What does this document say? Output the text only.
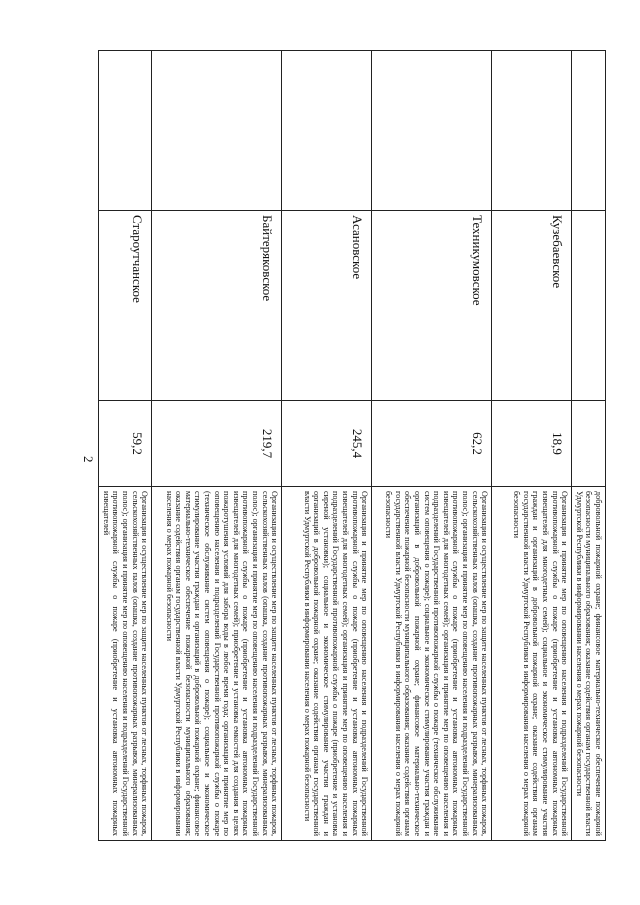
2

			добровольной пожарной охране; финансовое материально-техническое обеспечение пожарной безопасности муниципального образования; оказание содействия органам государственной власти Удмуртской Республики в информировании населения о мерах пожарной безопасности

	Кузебаевское	18,9	Организация и принятие мер по оповещению населения и подразделений Государственной противопожарной службы о пожаре (приобретение и установка автономных пожарных извещателей для многодетных семей); социальное и экономическое стимулирование участия граждан и организаций в добровольной пожарной охране; оказание содействия органам государственной власти Удмуртской Республики в информировании населения о мерах пожарной безопасности
	Техникумовское	62,2	Организация и осуществление мер по защите населенных пунктов от лесных, торфяных пожаров, сельскохозяйственных палов (опашка, создание противопожарных разрывов, минерализованных полос); организация и принятие мер по оповещению населения и подразделений Государственной противопожарной службы о пожаре (приобретение и установка автономных пожарных извещателей для многодетных семей); организация и принятие мер по оповещению населения и подразделений Государственной противопожарной службы о пожаре (техническое обслуживание систем оповещения о пожаре); социальное и экономическое стимулирование участия граждан и организаций в добровольной пожарной охране; финансовое материально-техническое обеспечение пожарной безопасности муниципального образования; оказание содействия органам государственной власти Удмуртской Республики в информировании населения о мерах пожарной безопасности
	Асановское	245,4	Организация и принятие мер по оповещению населения и подразделений Государственной противопожарной службы о пожаре (приобретение и установка автономных пожарных извещателей для многодетных семей); организация и принятие мер по оповещению населения и подразделений Государственной противопожарной службы о пожаре (приобретение и установка сиреной установки); социальное и экономическое стимулирование участия граждан и организаций в добровольной пожарной охране; оказание содействия органам государственной власти Удмуртской Республики в информировании населения о мерах пожарной безопасности
	Байтеряковское	219,7	Организация и осуществление мер по защите населенных пунктов от лесных, торфяных пожаров, сельскохозяйственных палов (опашка, создание противопожарных разрывов, минерализованных полос); организация и принятие мер по оповещению населения и подразделений Государственной противопожарной службы о пожаре (приобретение и установка автономных пожарных извещателей для многодетных семей); приобретение и установка емкостей для создания в целях пожаротушения условий для забора воды в любое время года; организация и принятие мер по оповещению населения и подразделений Государственной противопожарной службы о пожаре (техническое обслуживание систем оповещения о пожаре); социальное и экономическое стимулирование участия граждан и организаций в добровольной пожарной охране; финансовое материально-техническое обеспечение пожарной безопасности муниципального образования; оказание содействия органам государственной власти Удмуртской Республики в информировании населения о мерах пожарной безопасности
	Староутчанское	59,2	Организация и осуществление мер по защите населенных пунктов от лесных, торфяных пожаров, сельскохозяйственных палов (опашка, создание противопожарных разрывов, минерализованных полос); организация и принятие мер по оповещению населения и подразделений Государственной противопожарной службы о пожаре (приобретение и установка автономных пожарных извещателей
